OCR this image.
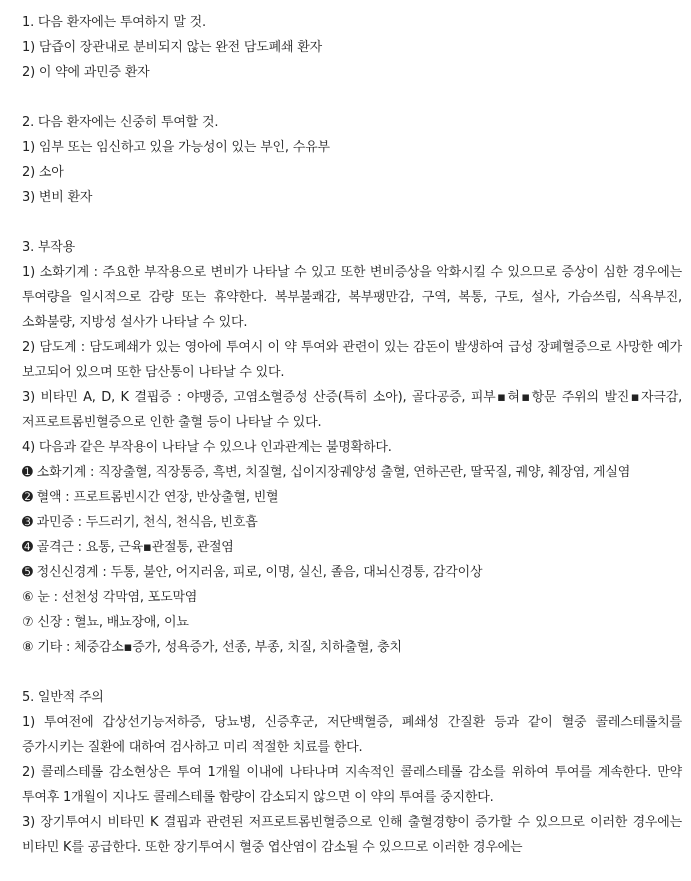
1. 다음 환자에는 투여하지 말 것.
1) 담즙이 장관내로 분비되지 않는 완전 담도폐쇄 환자
2) 이 약에 과민증 환자
2. 다음 환자에는 신중히 투여할 것.
1) 임부 또는 임신하고 있을 가능성이 있는 부인, 수유부
2) 소아
3) 변비 환자
3. 부작용
1) 소화기계 : 주요한 부작용으로 변비가 나타날 수 있고 또한 변비증상을 악화시킬 수 있으므로 증상이 심한 경우에는 투여량을 일시적으로 감량 또는 휴약한다. 복부불쾌감, 복부팽만감, 구역, 복통, 구토, 설사, 가슴쓰림, 식욕부진, 소화불량, 지방성 설사가 나타날 수 있다.
2) 담도계 : 담도폐쇄가 있는 영아에 투여시 이 약 투여와 관련이 있는 감돈이 발생하여 급성 장폐혈증으로 사망한 예가 보고되어 있으며 또한 담산통이 나타날 수 있다.
3) 비타민 A, D, K 결핍증 : 야맹증, 고염소혈증성 산증(특히 소아), 골다공증, 피부▪혀▪항문 주위의 발진▪자극감, 저프로트롬빈혈증으로 인한 출혈 등이 나타날 수 있다.
4) 다음과 같은 부작용이 나타날 수 있으나 인과관계는 불명확하다.
➊ 소화기계 : 직장출혈, 직장통증, 흑변, 치질혈, 십이지장궤양성 출혈, 연하곤란, 딸꾹질, 궤양, 췌장염, 게실염
➋ 혈액 : 프로트롬빈시간 연장, 반상출혈, 빈혈
➌ 과민증 : 두드러기, 천식, 천식음, 빈호흡
➍ 골격근 : 요통, 근육▪관절통, 관절염
➎ 정신신경계 : 두통, 불안, 어지러움, 피로, 이명, 실신, 졸음, 대뇌신경통, 감각이상
⑥ 눈 : 선천성 각막염, 포도막염
⑦ 신장 : 혈뇨, 배뇨장애, 이뇨
⑧ 기타 : 체중감소▪증가, 성욕증가, 선종, 부종, 치질, 치하출혈, 충치
5. 일반적 주의
1) 투여전에 갑상선기능저하증, 당뇨병, 신증후군, 저단백혈증, 폐쇄성 간질환 등과 같이 혈중 콜레스테롤치를 증가시키는 질환에 대하여 검사하고 미리 적절한 치료를 한다.
2) 콜레스테롤 감소현상은 투여 1개월 이내에 나타나며 지속적인 콜레스테롤 감소를 위하여 투여를 계속한다. 만약 투여후 1개월이 지나도 콜레스테롤 함량이 감소되지 않으면 이 약의 투여를 중지한다.
3) 장기투여시 비타민 K 결핍과 관련된 저프로트롬빈혈증으로 인해 출혈경향이 증가할 수 있으므로 이러한 경우에는 비타민 K를 공급한다. 또한 장기투여시 혈중 엽산염이 감소될 수 있으므로 이러한 경우에는
